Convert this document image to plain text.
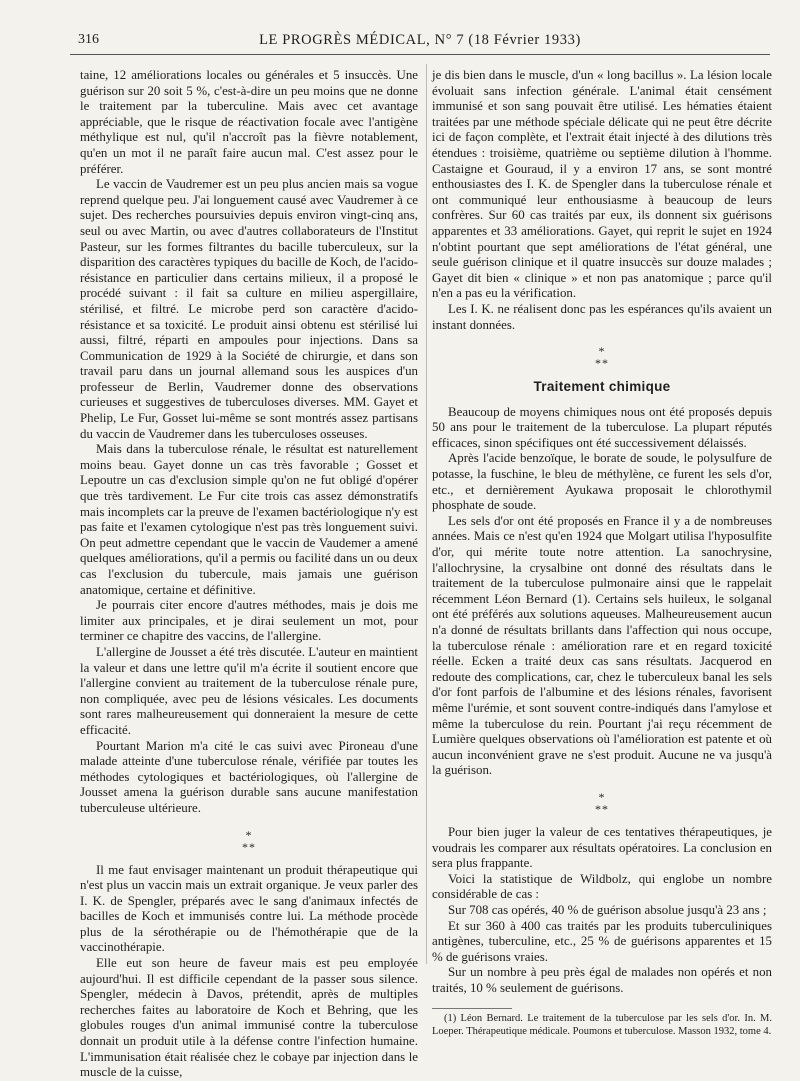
316	LE PROGRÈS MÉDICAL, N° 7 (18 Février 1933)

taine, 12 améliorations locales ou générales et 5 insuccès. Une guérison sur 20 soit 5 %, c'est-à-dire un peu moins que ne donne le traitement par la tuberculine. Mais avec cet avantage appréciable, que le risque de réactivation focale avec l'antigène méthylique est nul, qu'il n'accroît pas la fièvre notablement, qu'en un mot il ne paraît faire aucun mal. C'est assez pour le préférer.

Le vaccin de Vaudremer est un peu plus ancien mais sa vogue reprend quelque peu. J'ai longuement causé avec Vaudremer à ce sujet. Des recherches poursuivies depuis environ vingt-cinq ans, seul ou avec Martin, ou avec d'autres collaborateurs de l'Institut Pasteur, sur les formes filtrantes du bacille tuberculeux, sur la disparition des caractères typiques du bacille de Koch, de l'acido-résistance en particulier dans certains milieux, il a proposé le procédé suivant : il fait sa culture en milieu aspergillaire, stérilisé, et filtré. Le microbe perd son caractère d'acido-résistance et sa toxicité. Le produit ainsi obtenu est stérilisé lui aussi, filtré, réparti en ampoules pour injections. Dans sa Communication de 1929 à la Société de chirurgie, et dans son travail paru dans un journal allemand sous les auspices d'un professeur de Berlin, Vaudremer donne des observations curieuses et suggestives de tuberculoses diverses. MM. Gayet et Phelip, Le Fur, Gosset lui-même se sont montrés assez partisans du vaccin de Vaudremer dans les tuberculoses osseuses.

Mais dans la tuberculose rénale, le résultat est naturellement moins beau. Gayet donne un cas très favorable ; Gosset et Lepoutre un cas d'exclusion simple qu'on ne fut obligé d'opérer que très tardivement. Le Fur cite trois cas assez démonstratifs mais incomplets car la preuve de l'examen bactériologique n'y est pas faite et l'examen cytologique n'est pas très longuement suivi. On peut admettre cependant que le vaccin de Vaudemer a amené quelques améliorations, qu'il a permis ou facilité dans un ou deux cas l'exclusion du tubercule, mais jamais une guérison anatomique, certaine et définitive.

Je pourrais citer encore d'autres méthodes, mais je dois me limiter aux principales, et je dirai seulement un mot, pour terminer ce chapitre des vaccins, de l'allergine.

L'allergine de Jousset a été très discutée. L'auteur en maintient la valeur et dans une lettre qu'il m'a écrite il soutient encore que l'allergine convient au traitement de la tuberculose rénale pure, non compliquée, avec peu de lésions vésicales. Les documents sont rares malheureusement qui donneraient la mesure de cette efficacité.

Pourtant Marion m'a cité le cas suivi avec Pironeau d'une malade atteinte d'une tuberculose rénale, vérifiée par toutes les méthodes cytologiques et bactériologiques, où l'allergine de Jousset amena la guérison durable sans aucune manifestation tuberculeuse ultérieure.

*
**

Il me faut envisager maintenant un produit thérapeutique qui n'est plus un vaccin mais un extrait organique. Je veux parler des I. K. de Spengler, préparés avec le sang d'animaux infectés de bacilles de Koch et immunisés contre lui. La méthode procède plus de la sérothérapie ou de l'hémothérapie que de la vaccinothérapie.

Elle eut son heure de faveur mais est peu employée aujourd'hui. Il est difficile cependant de la passer sous silence. Spengler, médecin à Davos, prétendit, après de multiples recherches faites au laboratoire de Koch et Behring, que les globules rouges d'un animal immunisé contre la tuberculose donnait un produit utile à la défense contre l'infection humaine. L'immunisation était réalisée chez le cobaye par injection dans le muscle de la cuisse,

je dis bien dans le muscle, d'un « long bacillus ». La lésion locale évoluait sans infection générale. L'animal était censément immunisé et son sang pouvait être utilisé. Les hématies étaient traitées par une méthode spéciale délicate qui ne peut être décrite ici de façon complète, et l'extrait était injecté à des dilutions très étendues : troisième, quatrième ou septième dilution à l'homme. Castaigne et Gouraud, il y a environ 17 ans, se sont montré enthousiastes des I. K. de Spengler dans la tuberculose rénale et ont communiqué leur enthousiasme à beaucoup de leurs confrères. Sur 60 cas traités par eux, ils donnent six guérisons apparentes et 33 améliorations. Gayet, qui reprit le sujet en 1924 n'obtint pourtant que sept améliorations de l'état général, une seule guérison clinique et il quatre insuccès sur douze malades ; Gayet dit bien « clinique » et non pas anatomique ; parce qu'il n'en a pas eu la vérification.

Les I. K. ne réalisent donc pas les espérances qu'ils avaient un instant données.

*
**
Traitement chimique

Beaucoup de moyens chimiques nous ont été proposés depuis 50 ans pour le traitement de la tuberculose. La plupart réputés efficaces, sinon spécifiques ont été successivement délaissés.

Après l'acide benzoïque, le borate de soude, le polysulfure de potasse, la fuschine, le bleu de méthylène, ce furent les sels d'or, etc., et dernièrement Ayukawa proposait le chlorothymil phosphate de soude.

Les sels d'or ont été proposés en France il y a de nombreuses années. Mais ce n'est qu'en 1924 que Molgart utilisa l'hyposulfite d'or, qui mérite toute notre attention. La sanochrysine, l'allochrysine, la crysalbine ont donné des résultats dans le traitement de la tuberculose pulmonaire ainsi que le rappelait récemment Léon Bernard (1). Certains sels huileux, le solganal ont été préférés aux solutions aqueuses. Malheureusement aucun n'a donné de résultats brillants dans l'affection qui nous occupe, la tuberculose rénale : amélioration rare et en regard toxicité réelle. Ecken a traité deux cas sans résultats. Jacquerod en redoute des complications, car, chez le tuberculeux banal les sels d'or font parfois de l'albumine et des lésions rénales, favorisent même l'urémie, et sont souvent contre-indiqués dans l'amylose et même la tuberculose du rein. Pourtant j'ai reçu récemment de Lumière quelques observations où l'amélioration est patente et où aucun inconvénient grave ne s'est produit. Aucune ne va jusqu'à la guérison.

*
**

Pour bien juger la valeur de ces tentatives thérapeutiques, je voudrais les comparer aux résultats opératoires. La conclusion en sera plus frappante.

Voici la statistique de Wildbolz, qui englobe un nombre considérable de cas :

Sur 708 cas opérés, 40 % de guérison absolue jusqu'à 23 ans ;

Et sur 360 à 400 cas traités par les produits tuberculiniques antigènes, tuberculine, etc., 25 % de guérisons apparentes et 15 % de guérisons vraies.

Sur un nombre à peu près égal de malades non opérés et non traités, 10 % seulement de guérisons.

(1) Léon Bernard. Le traitement de la tuberculose par les sels d'or. In. M. Loeper. Thérapeutique médicale. Poumons et tuberculose. Masson 1932, tome 4.
